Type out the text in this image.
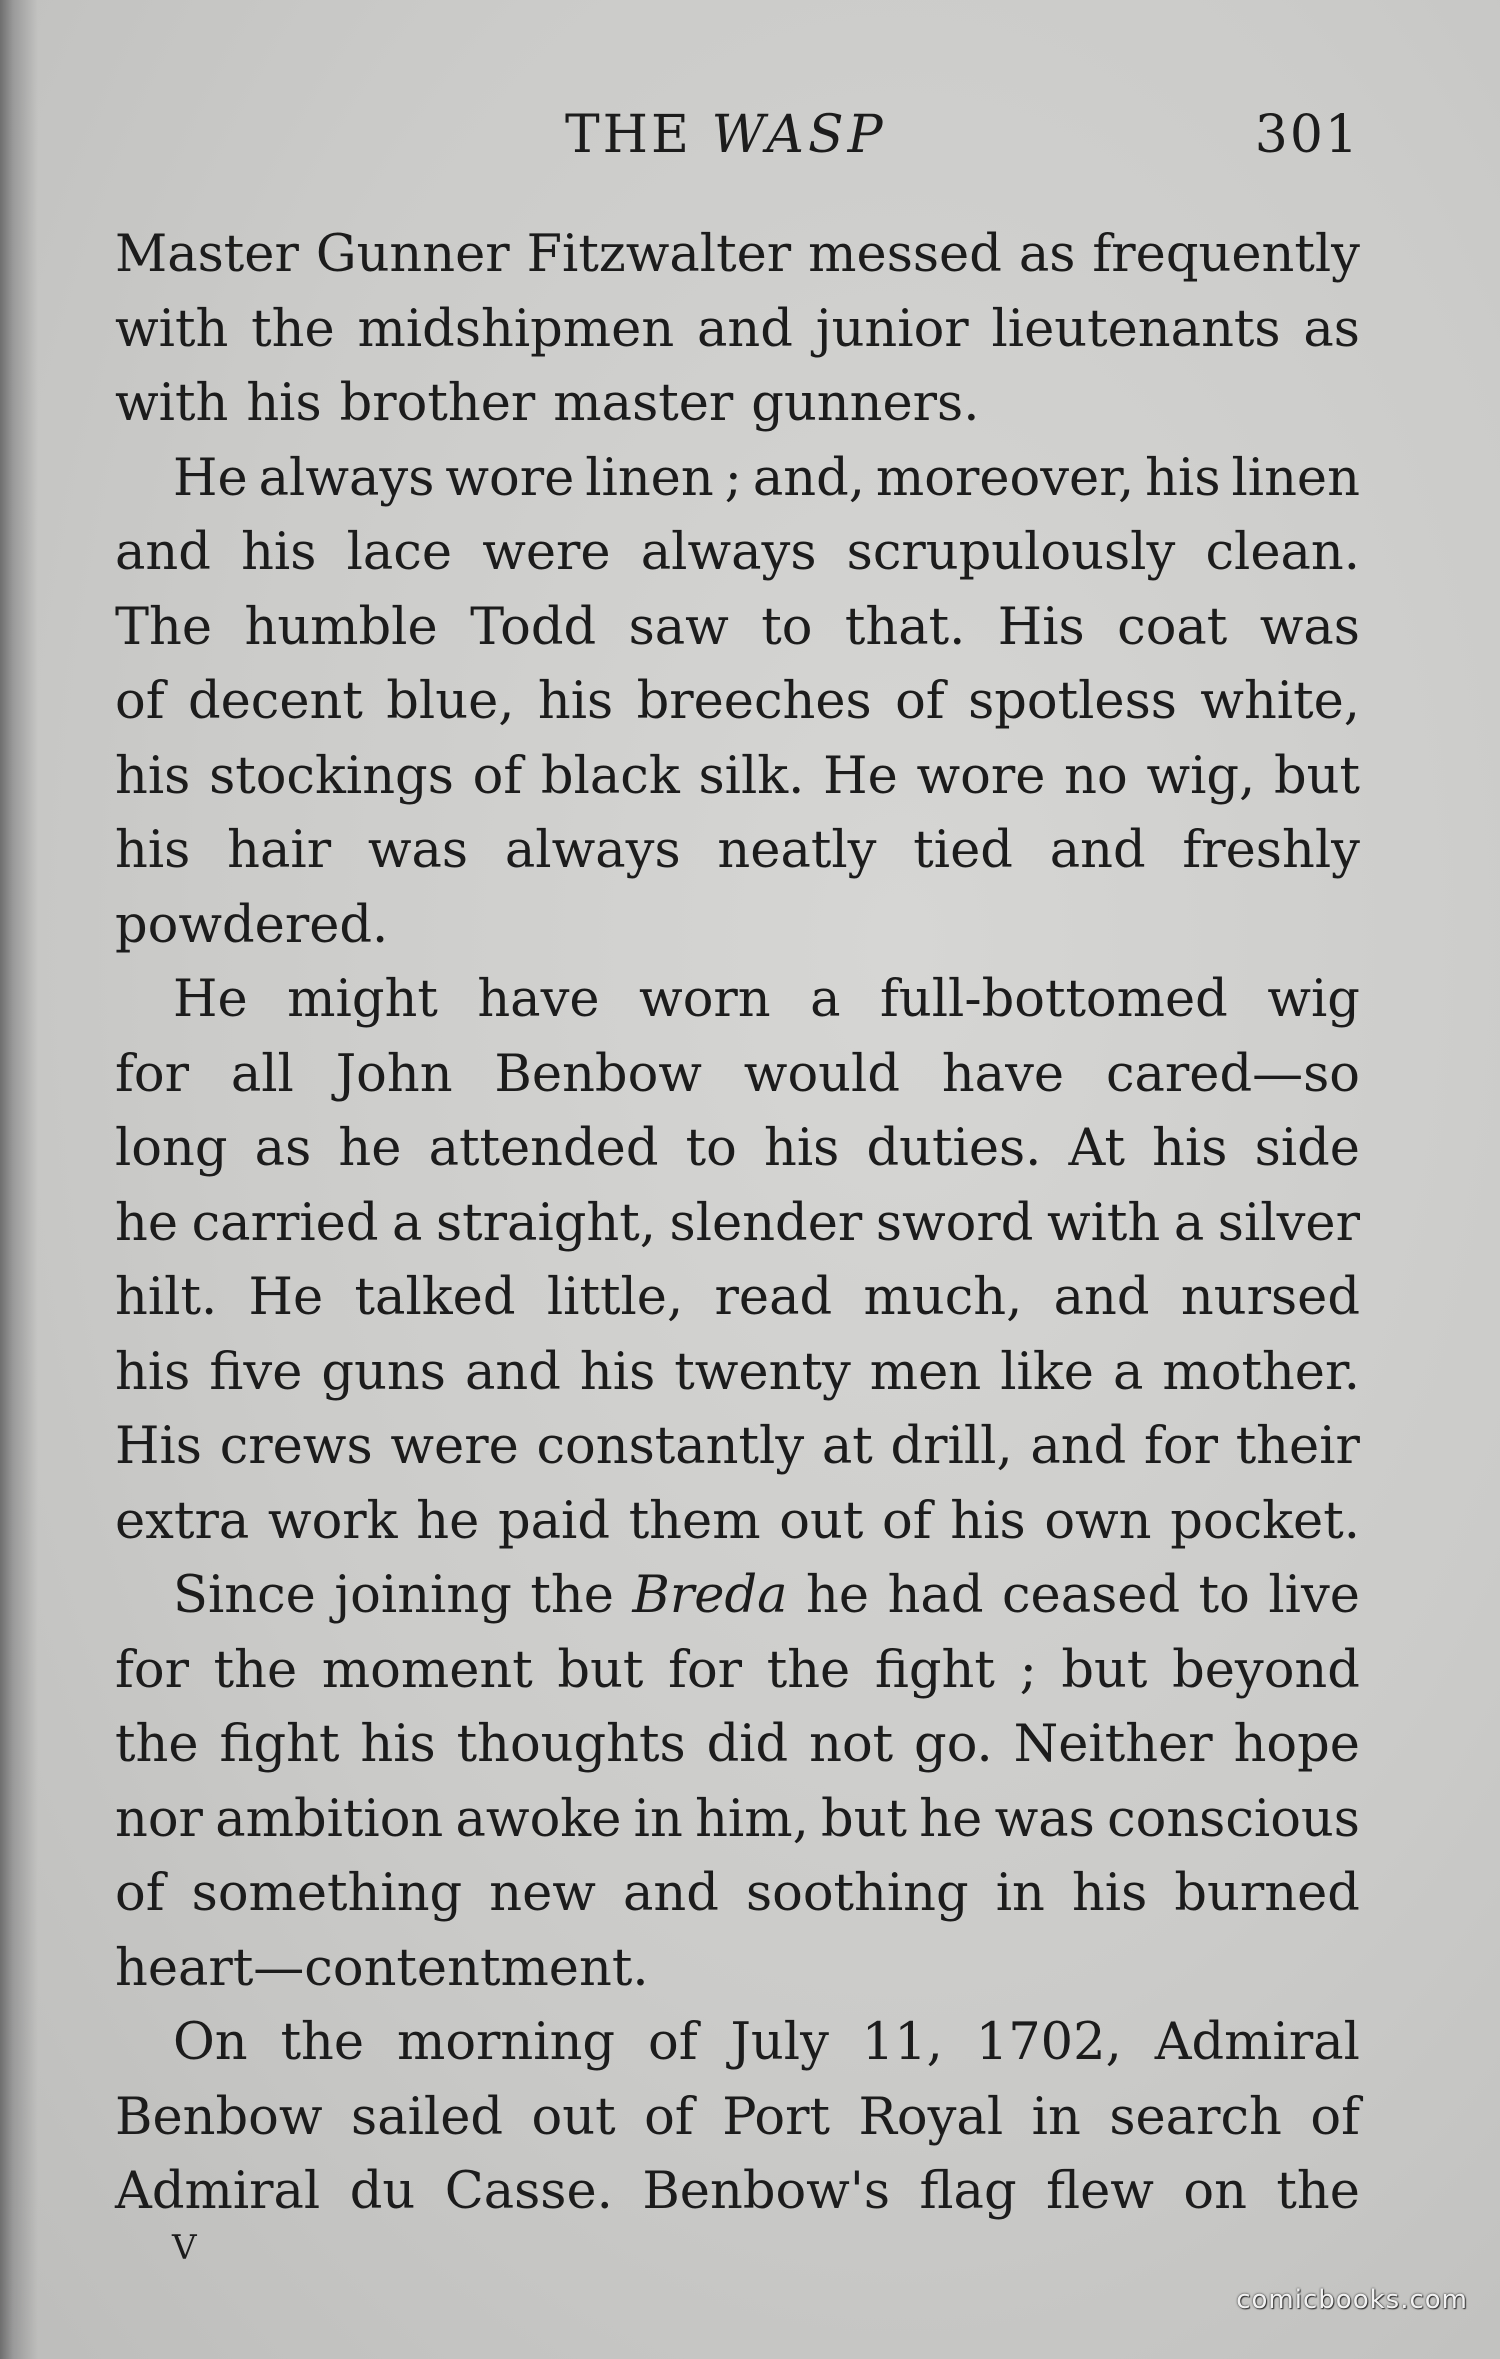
THE WASP	301
Master Gunner Fitzwalter messed as frequently
with the midshipmen and junior lieutenants as
with his brother master gunners.
He always wore linen ; and, moreover, his linen
and his lace were always scrupulously clean.
The humble Todd saw to that. His coat was
of decent blue, his breeches of spotless white,
his stockings of black silk. He wore no wig, but
his hair was always neatly tied and freshly
powdered.
He might have worn a full-bottomed wig
for all John Benbow would have cared—so
long as he attended to his duties. At his side
he carried a straight, slender sword with a silver
hilt. He talked little, read much, and nursed
his five guns and his twenty men like a mother.
His crews were constantly at drill, and for their
extra work he paid them out of his own pocket.
Since joining the Breda he had ceased to live
for the moment but for the fight ; but beyond
the fight his thoughts did not go. Neither hope
nor ambition awoke in him, but he was conscious
of something new and soothing in his burned
heart—contentment.
On the morning of July 11, 1702, Admiral
Benbow sailed out of Port Royal in search of
Admiral du Casse. Benbow's flag flew on the
V
comicbooks.com
